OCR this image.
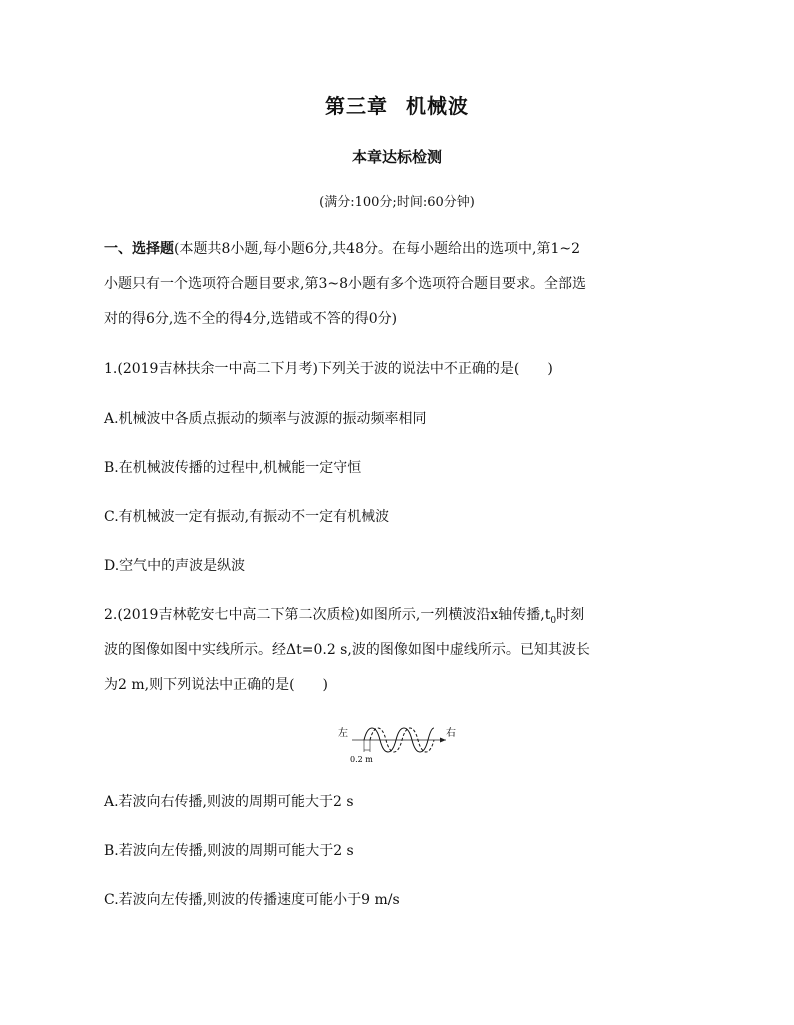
第三章 机械波
本章达标检测
(满分:100分;时间:60分钟)
一、选择题(本题共8小题,每小题6分,共48分。在每小题给出的选项中,第1~2
小题只有一个选项符合题目要求,第3~8小题有多个选项符合题目要求。全部选
对的得6分,选不全的得4分,选错或不答的得0分)
1.(2019吉林扶余一中高二下月考)下列关于波的说法中不正确的是(　　)
A.机械波中各质点振动的频率与波源的振动频率相同
B.在机械波传播的过程中,机械能一定守恒
C.有机械波一定有振动,有振动不一定有机械波
D.空气中的声波是纵波
2.(2019吉林乾安七中高二下第二次质检)如图所示,一列横波沿x轴传播$,t_0$时刻
波的图像如图中实线所示。经Δt=0.2 s,波的图像如图中虚线所示。已知其波长
为2 m,则下列说法中正确的是(　　)
左	右
0.2 m
A.若波向右传播,则波的周期可能大于2 s
B.若波向左传播,则波的周期可能大于2 s
C.若波向左传播,则波的传播速度可能小于9 m/s
